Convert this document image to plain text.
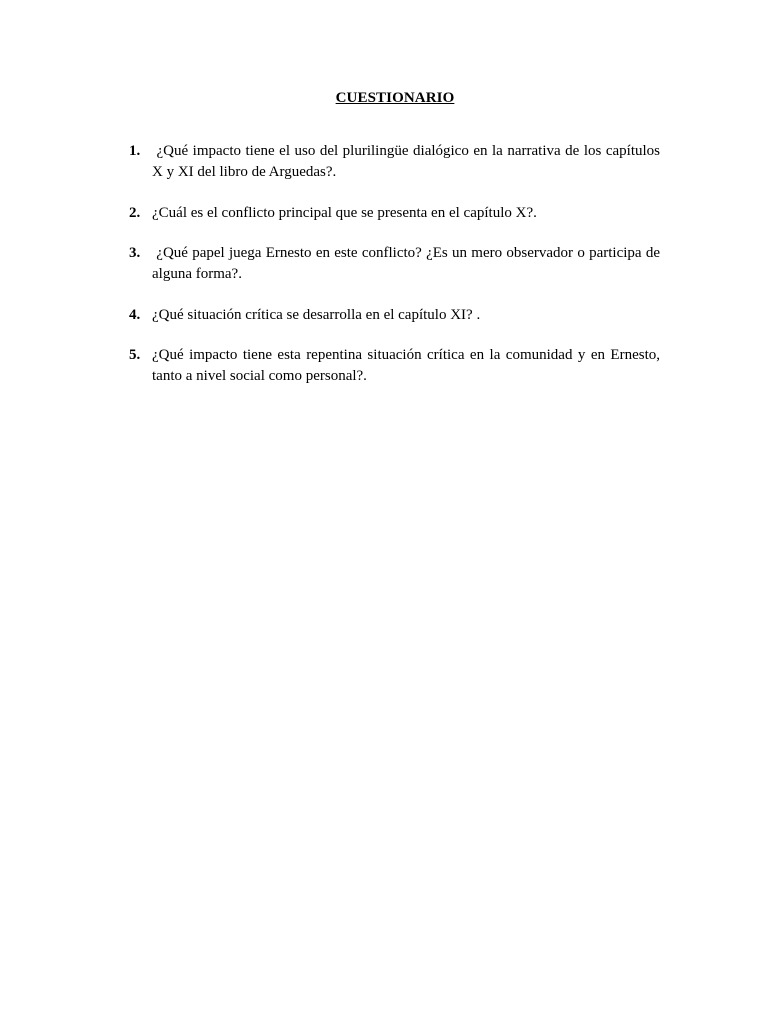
CUESTIONARIO
1. ¿Qué impacto tiene el uso del plurilingüe dialógico en la narrativa de los capítulos X y XI del libro de Arguedas?.
2. ¿Cuál es el conflicto principal que se presenta en el capítulo X?.
3. ¿Qué papel juega Ernesto en este conflicto? ¿Es un mero observador o participa de alguna forma?.
4. ¿Qué situación crítica se desarrolla en el capítulo XI? .
5. ¿Qué impacto tiene esta repentina situación crítica en la comunidad y en Ernesto, tanto a nivel social como personal?.
